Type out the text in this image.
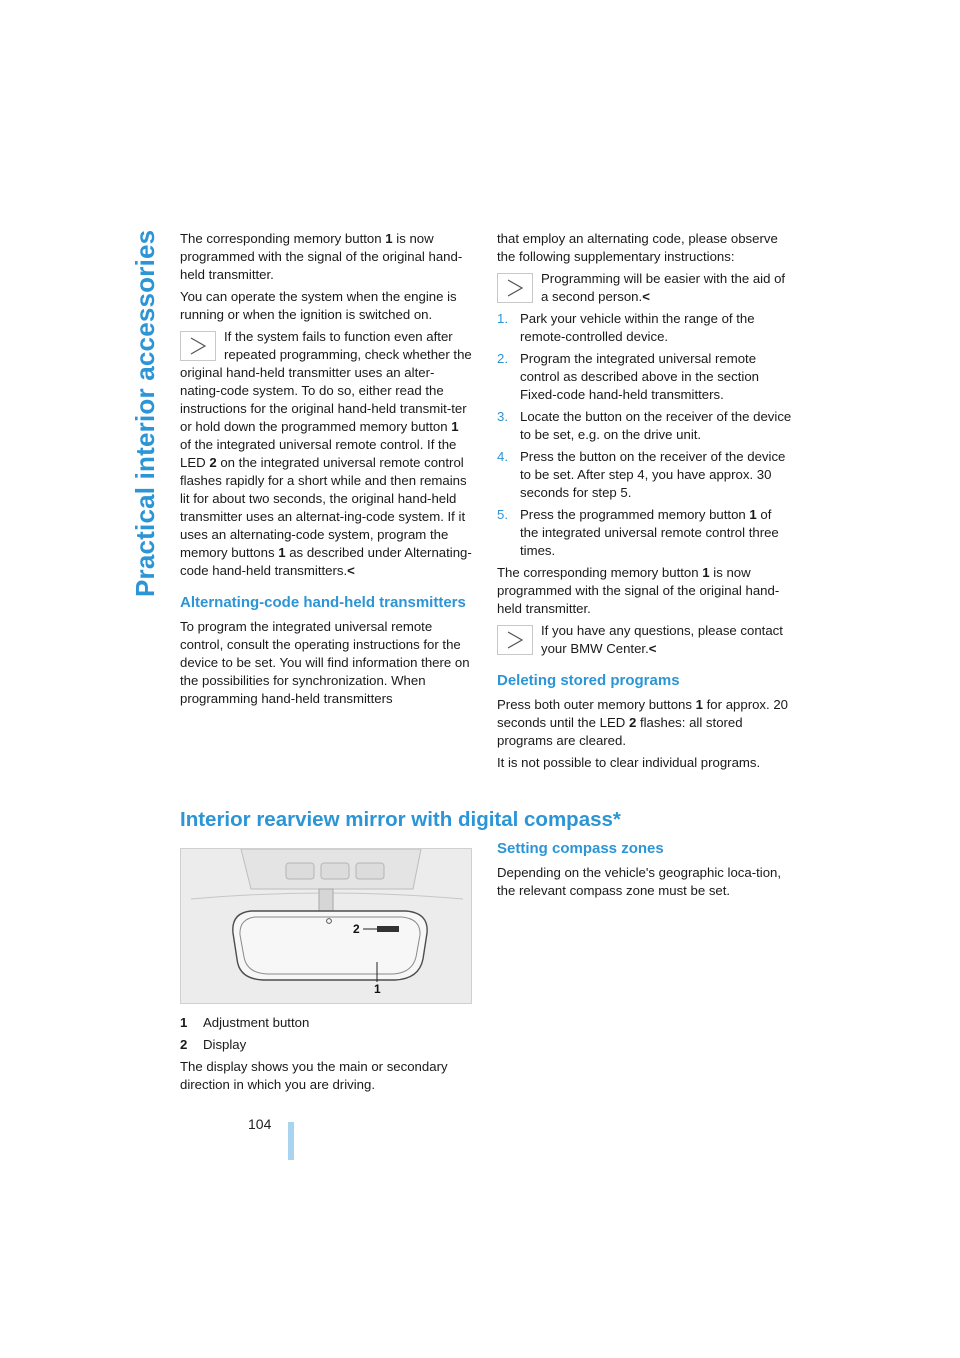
Practical interior accessories The corresponding memory button 1 is now programmed with the signal of the original hand-held transmitter.

You can operate the system when the engine is running or when the ignition is switched on.

If the system fails to function even after repeated programming, check whether the original hand-held transmitter uses an alter-nating-code system. To do so, either read the instructions for the original hand-held transmit-ter or hold down the programmed memory button 1 of the integrated universal remote control. If the LED 2 on the integrated universal remote control flashes rapidly for a short while and then remains lit for about two seconds, the original hand-held transmitter uses an alternat-ing-code system. If it uses an alternating-code system, program the memory buttons 1 as described under Alternating-code hand-held transmitters.<
Alternating-code hand-held transmitters

To program the integrated universal remote control, consult the operating instructions for the device to be set. You will find information there on the possibilities for synchronization. When programming hand-held transmitters

that employ an alternating code, please observe the following supplementary instructions:

Programming will be easier with the aid of a second person.<
1. Park your vehicle within the range of the remote-controlled device.
2. Program the integrated universal remote control as described above in the section Fixed-code hand-held transmitters.
3. Locate the button on the receiver of the device to be set, e.g. on the drive unit.
4. Press the button on the receiver of the device to be set. After step 4, you have approx. 30 seconds for step 5.
5. Press the programmed memory button 1 of the integrated universal remote control three times.

The corresponding memory button 1 is now programmed with the signal of the original hand-held transmitter.

If you have any questions, please contact your BMW Center.<
Deleting stored programs

Press both outer memory buttons 1 for approx. 20 seconds until the LED 2 flashes: all stored programs are cleared.

It is not possible to clear individual programs.

Interior rearview mirror with digital compass*
2
1
1	Adjustment button
2	Display
The display shows you the main or secondary direction in which you are driving.
Setting compass zones

Depending on the vehicle's geographic loca-tion, the relevant compass zone must be set.

104
